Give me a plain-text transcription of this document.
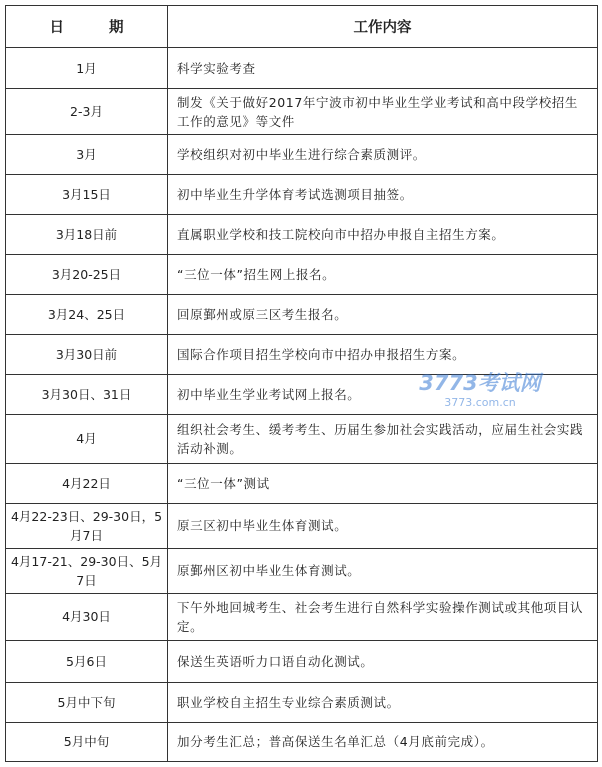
日 期	工作内容
1月	科学实验考查
2-3月	制发《关于做好2017年宁波市初中毕业生学业考试和高中段学校招生工作的意见》等文件
3月	学校组织对初中毕业生进行综合素质测评。
3月15日	初中毕业生升学体育考试选测项目抽签。
3月18日前	直属职业学校和技工院校向市中招办申报自主招生方案。
3月20-25日	“三位一体”招生网上报名。
3月24、25日	回原鄞州或原三区考生报名。
3月30日前	国际合作项目招生学校向市中招办申报招生方案。
3月30日、31日	初中毕业生学业考试网上报名。
4月	组织社会考生、缓考考生、历届生参加社会实践活动，应届生社会实践活动补测。
4月22日	“三位一体”测试
4月22-23日、29-30日，5月7日	原三区初中毕业生体育测试。
4月17-21、29-30日、5月7日	原鄞州区初中毕业生体育测试。
4月30日	下午外地回城考生、社会考生进行自然科学实验操作测试或其他项目认定。
5月6日	保送生英语听力口语自动化测试。
5月中下旬	职业学校自主招生专业综合素质测试。
5月中旬	加分考生汇总；普高保送生名单汇总（4月底前完成）。
3773考试网
3773.com.cn
